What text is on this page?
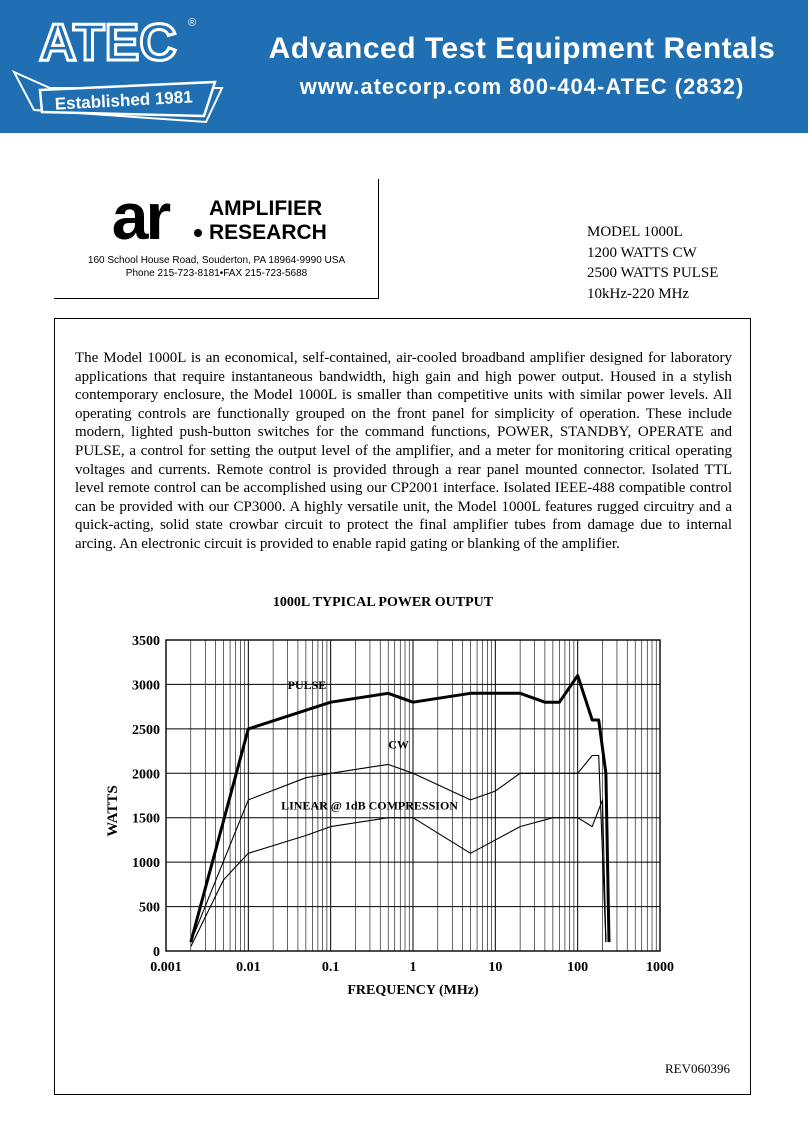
ATEC ®
Established 1981
Advanced Test Equipment Rentals
www.atecorp.com 800-404-ATEC (2832)
ar AMPLIFIER
RESEARCH
160 School House Road, Souderton, PA 18964-9990 USA
Phone 215-723-8181•FAX 215-723-5688
MODEL 1000L
1200 WATTS CW
2500 WATTS PULSE
10kHz-220 MHz

The Model 1000L is an economical, self-contained, air-cooled broadband amplifier designed for laboratory applications that require instantaneous bandwidth, high gain and high power output. Housed in a stylish contemporary enclosure, the Model 1000L is smaller than competitive units with similar power levels. All operating controls are functionally grouped on the front panel for simplicity of operation. These include modern, lighted push-button switches for the command functions, POWER, STANDBY, OPERATE and PULSE, a control for setting the output level of the amplifier, and a meter for monitoring critical operating voltages and currents. Remote control is provided through a rear panel mounted connector. Isolated TTL level remote control can be accomplished using our CP2001 interface. Isolated IEEE-488 compatible control can be provided with our CP3000. A highly versatile unit, the Model 1000L features rugged circuitry and a quick-acting, solid state crowbar circuit to protect the final amplifier tubes from damage due to internal arcing. An electronic circuit is provided to enable rapid gating or blanking of the amplifier.

1000L TYPICAL POWER OUTPUT
0
500
1000
1500
2000
2500
3000
3500
0.001	0.01	0.1	1	10	100	1000
PULSE
CW
LINEAR @ 1dB COMPRESSION
FREQUENCY (MHz)
WATTS
REV060396
